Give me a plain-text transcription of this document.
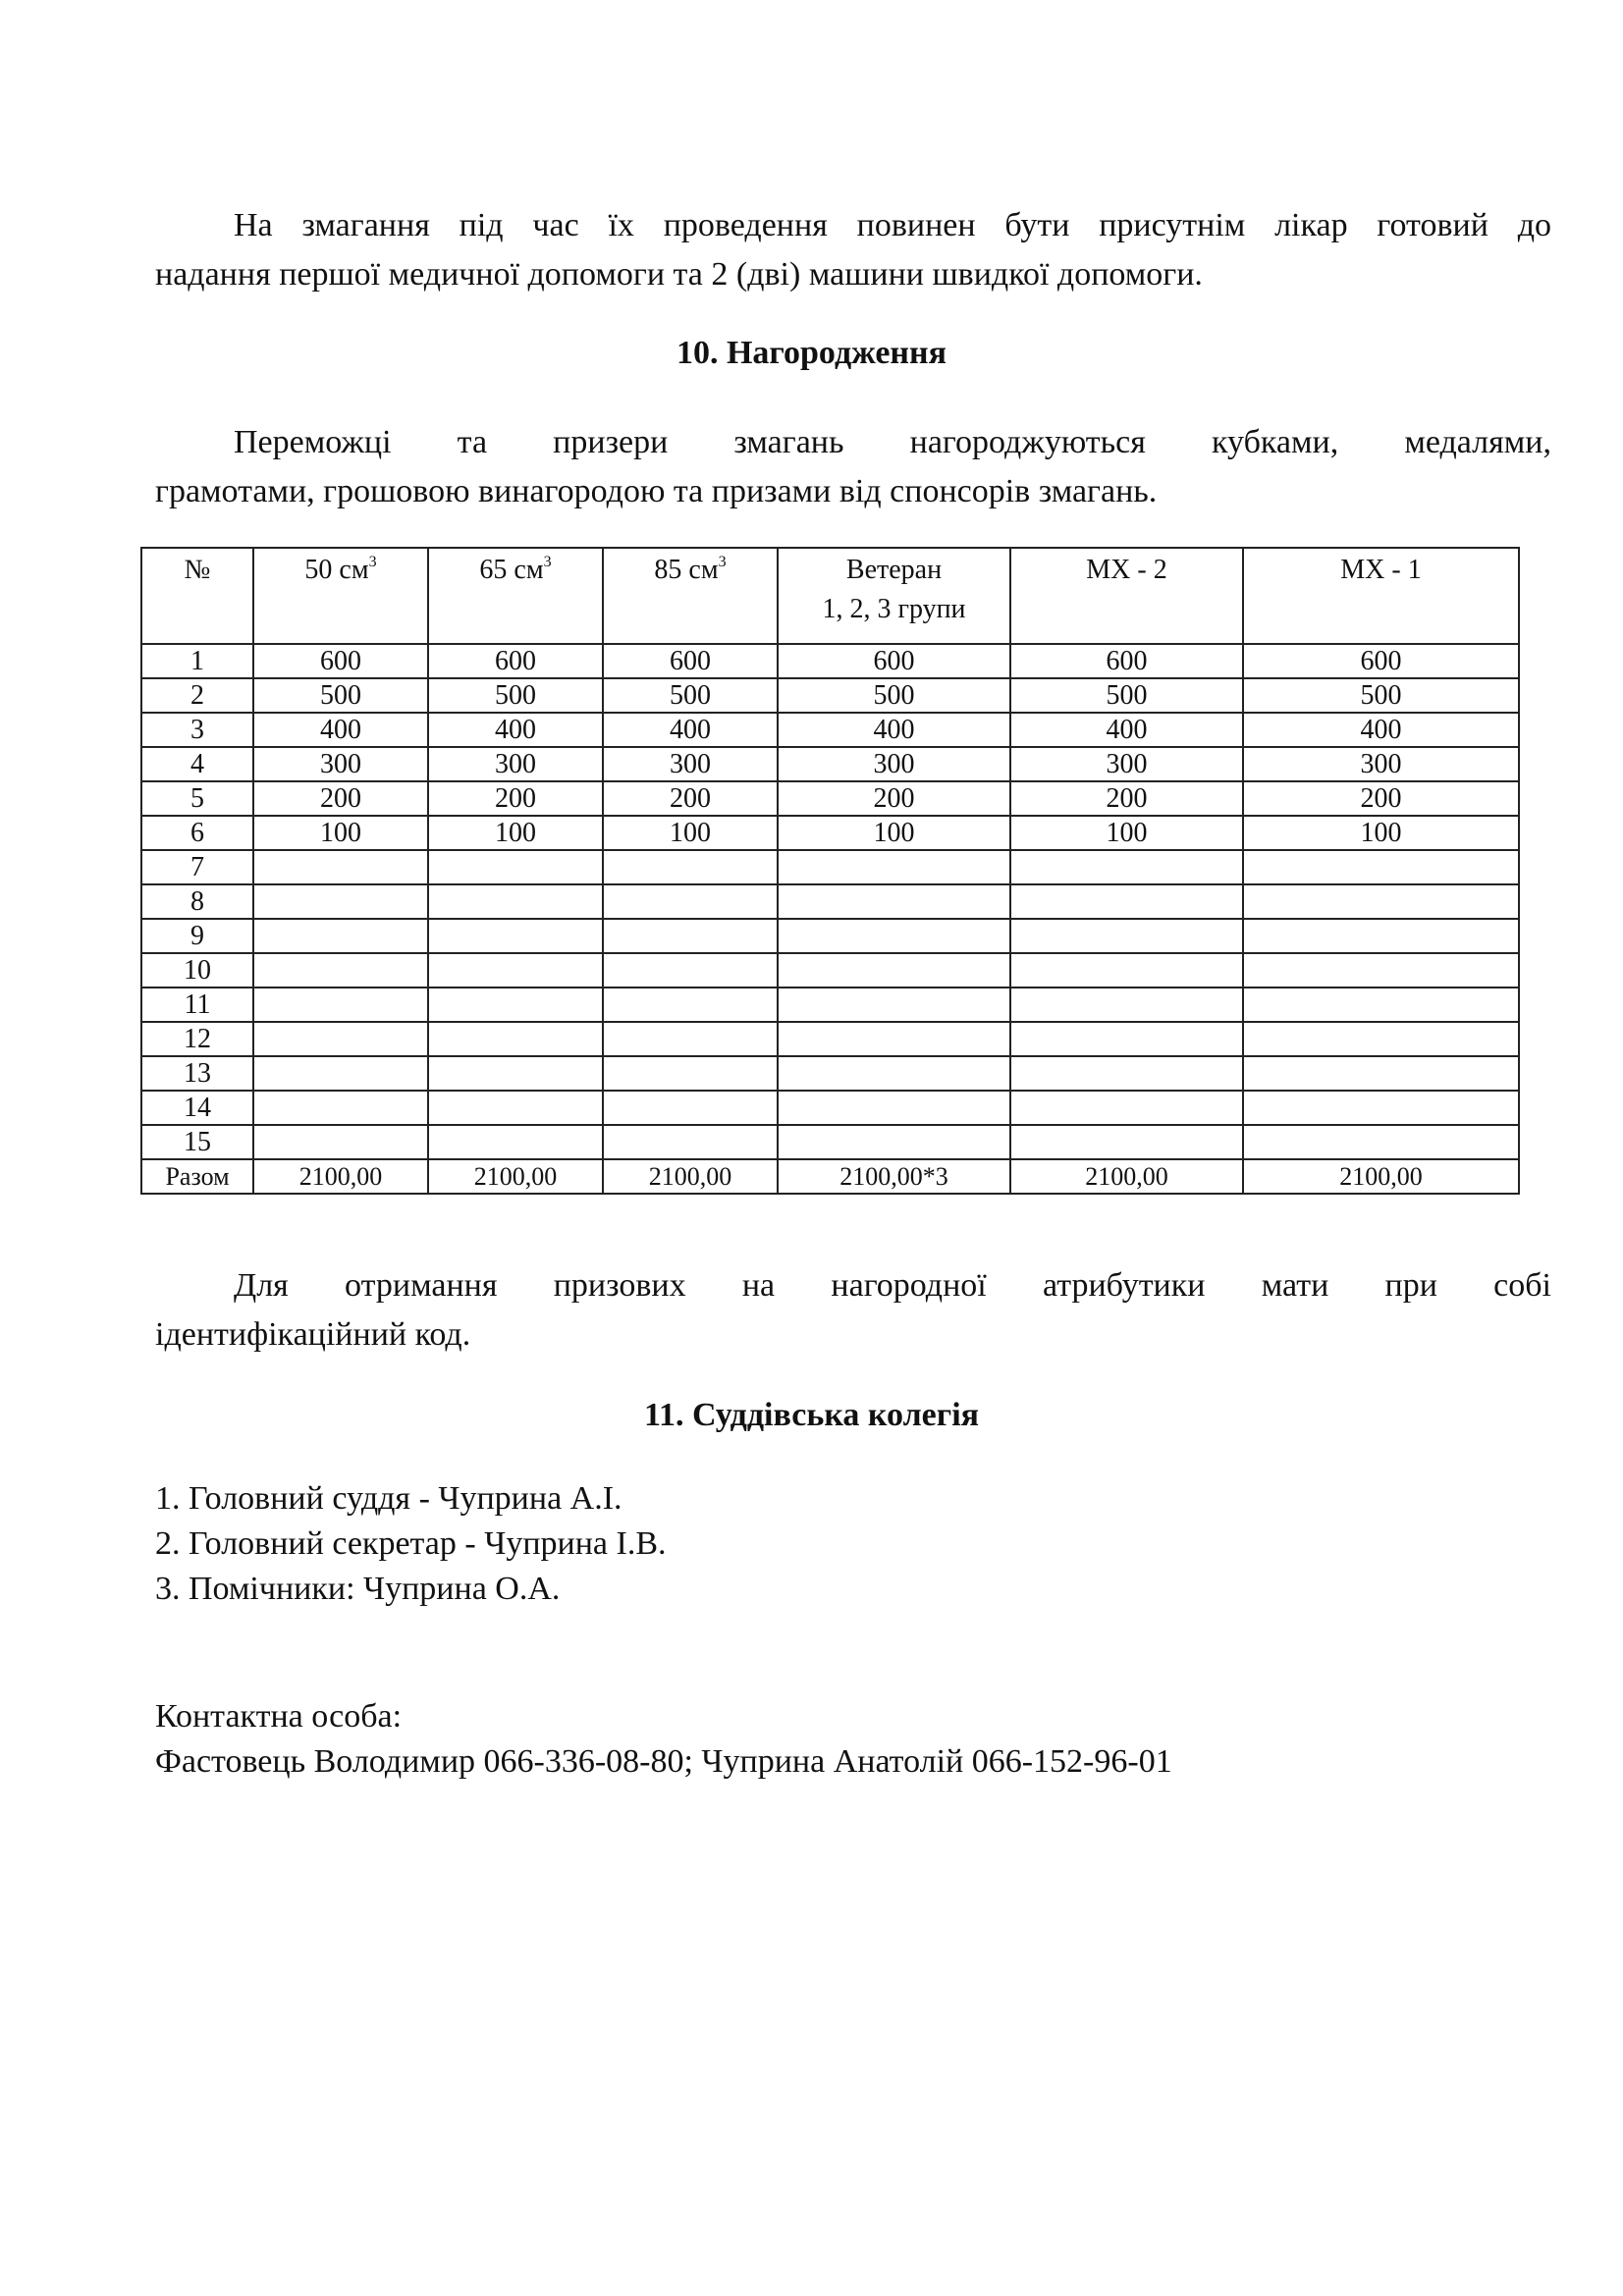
На змагання під час їх проведення повинен бути присутнім лікар готовий до
надання першої медичної допомоги та 2 (дві) машини швидкої допомоги.
10. Нагородження
Переможці та призери змагань нагороджуються кубками, медалями,
грамотами, грошовою винагородою та призами від спонсорів змагань.
№	50 $см^3$	65 $см^3$	85 $см^3$	Ветеран
1, 2, 3 групи	MX - 2	MX - 1
1	600	600	600	600	600	600
2	500	500	500	500	500	500
3	400	400	400	400	400	400
4	300	300	300	300	300	300
5	200	200	200	200	200	200
6	100	100	100	100	100	100
7						
8						
9						
10						
11						
12						
13						
14						
15						
Разом	2100,00	2100,00	2100,00	2100,00*3	2100,00	2100,00
Для отримання призових на нагородної атрибутики мати при собі
ідентифікаційний код.
11. Суддівська колегія
1. Головний суддя - Чуприна А.І.
2. Головний секретар - Чуприна І.В.
3. Помічники: Чуприна О.А.
Контактна особа:
Фастовець Володимир 066-336-08-80; Чуприна Анатолій 066-152-96-01
